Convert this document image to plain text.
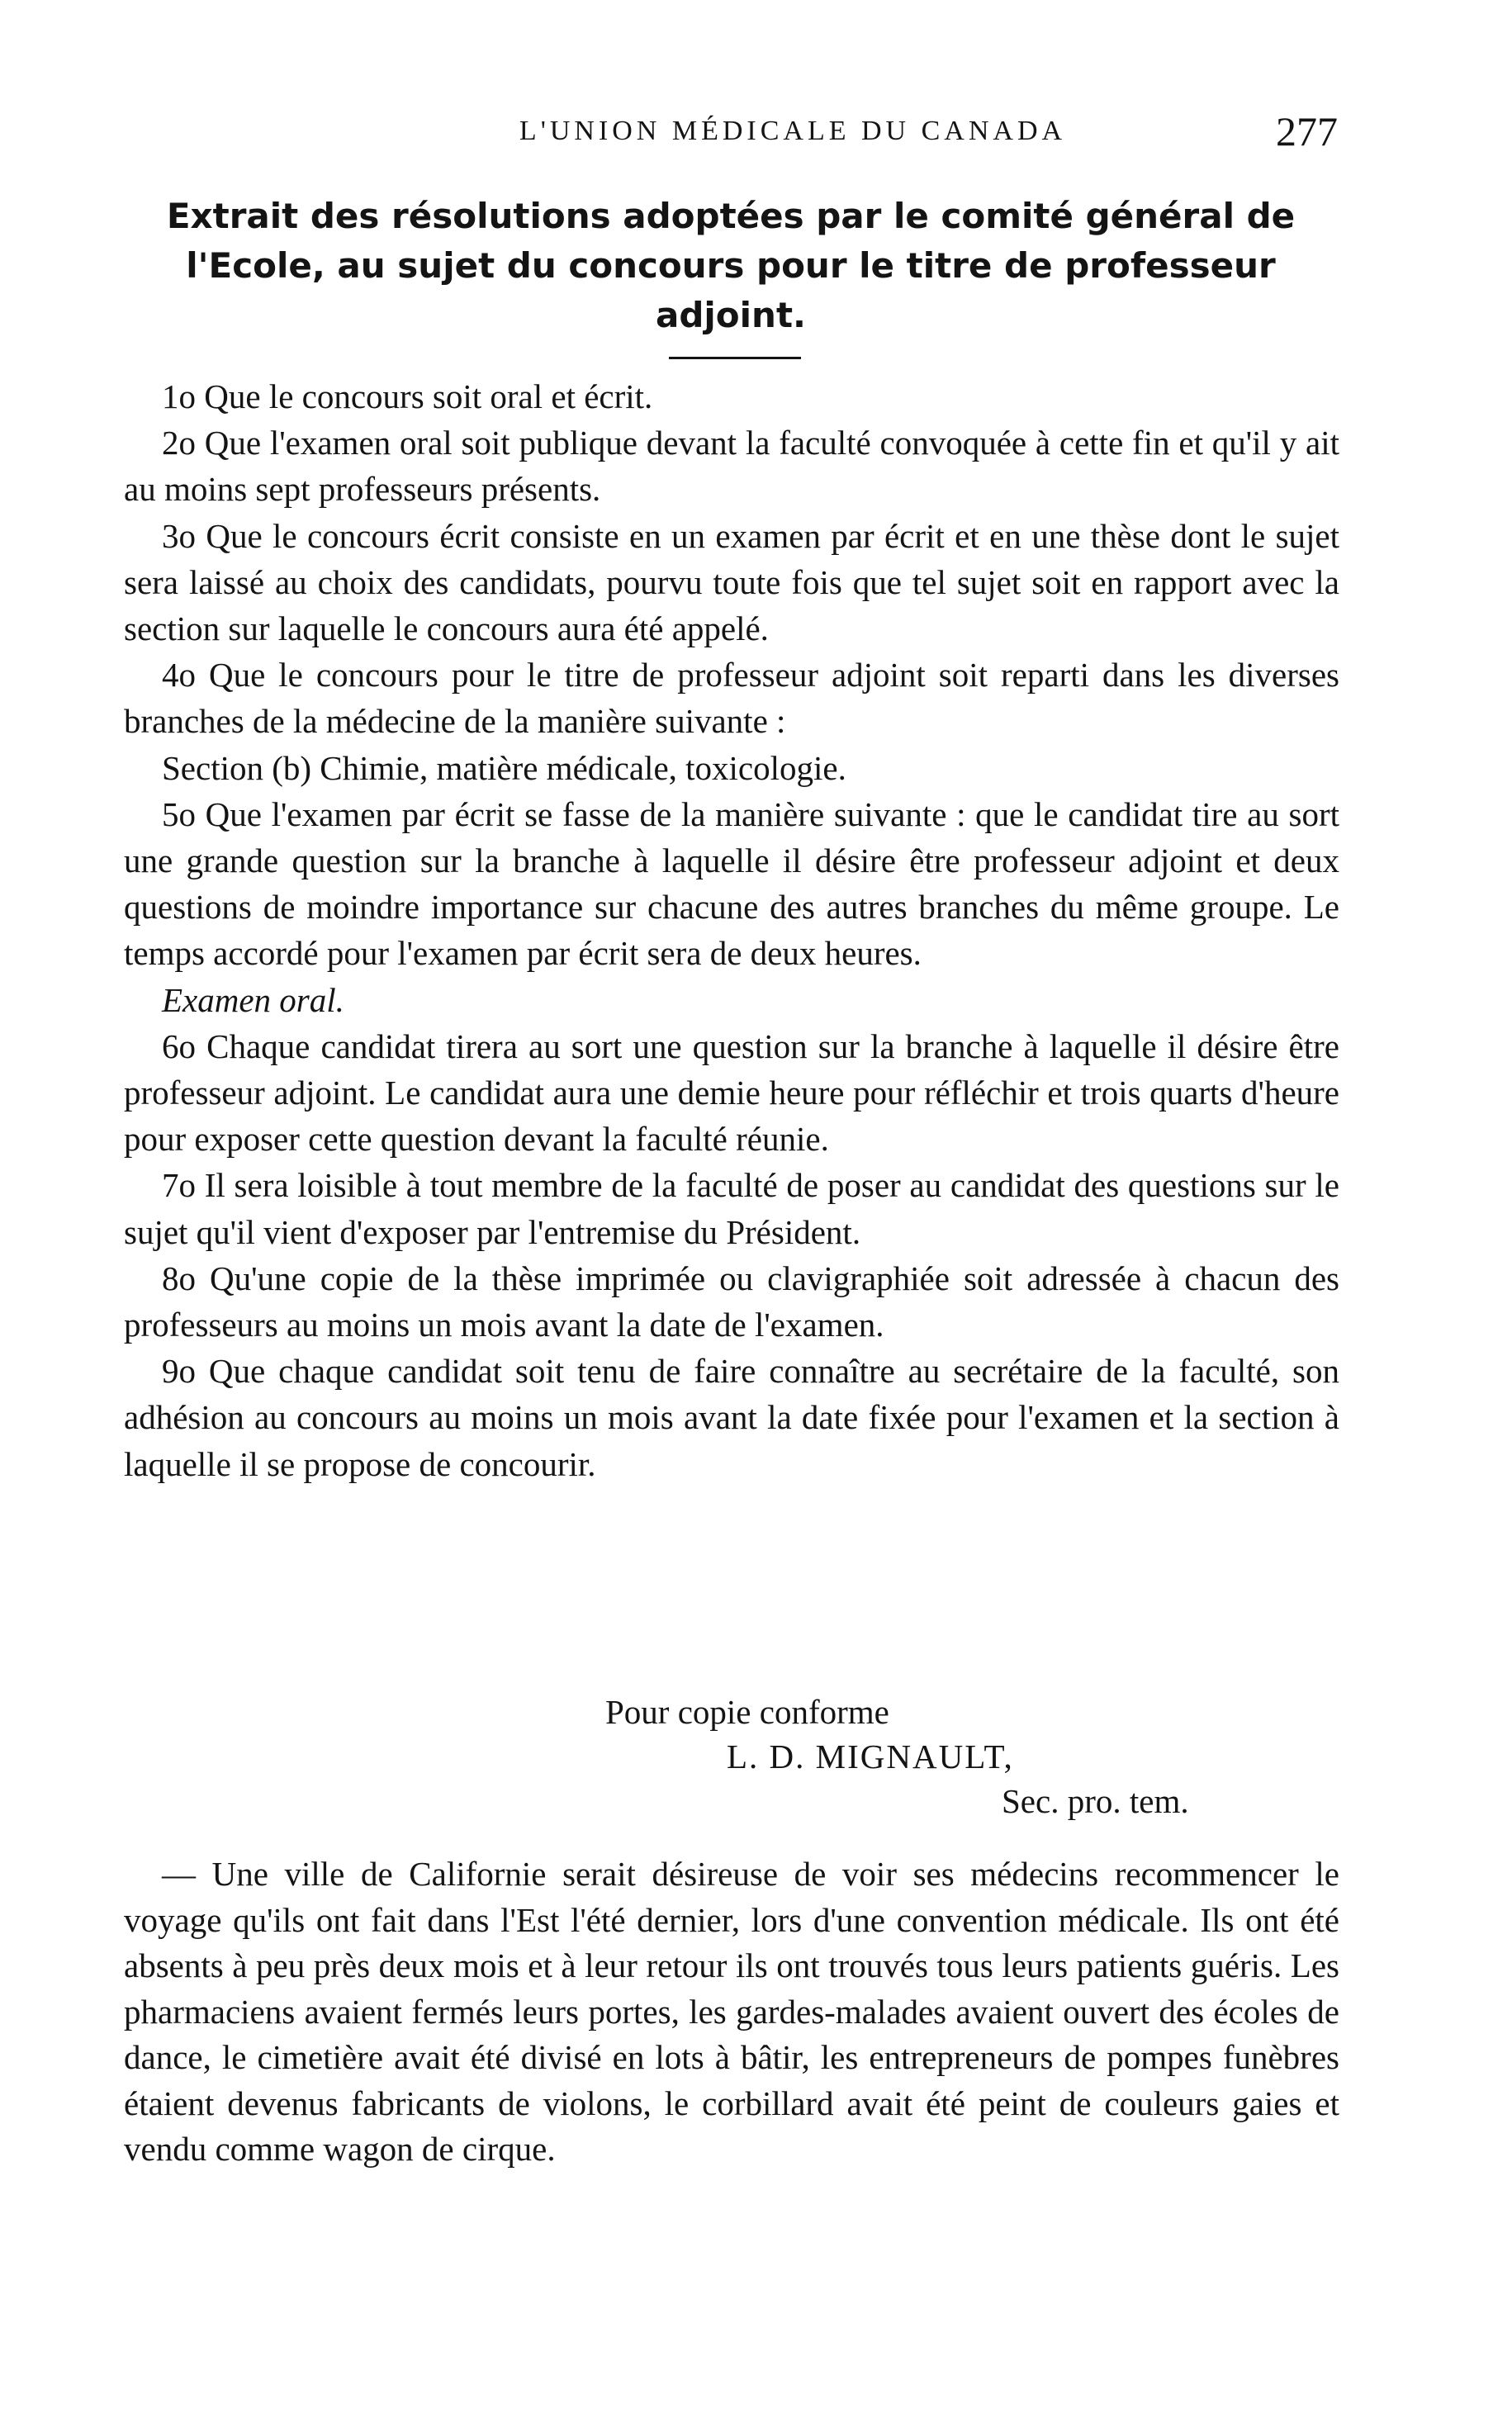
L'UNION MÉDICALE DU CANADA	277
Extrait des résolutions adoptées par le comité général de l'Ecole, au sujet du concours pour le titre de professeur adjoint.

1o Que le concours soit oral et écrit.

2o Que l'examen oral soit publique devant la faculté convoquée à cette fin et qu'il y ait au moins sept professeurs présents.

3o Que le concours écrit consiste en un examen par écrit et en une thèse dont le sujet sera laissé au choix des candidats, pourvu toute fois que tel sujet soit en rapport avec la section sur laquelle le concours aura été appelé.

4o Que le concours pour le titre de professeur adjoint soit reparti dans les diverses branches de la médecine de la manière suivante :

Section (b) Chimie, matière médicale, toxicologie.

5o Que l'examen par écrit se fasse de la manière suivante : que le candidat tire au sort une grande question sur la branche à laquelle il désire être professeur adjoint et deux questions de moindre importance sur chacune des autres branches du même groupe. Le temps accordé pour l'examen par écrit sera de deux heures.

Examen oral.

6o Chaque candidat tirera au sort une question sur la branche à laquelle il désire être professeur adjoint. Le candidat aura une demie heure pour réfléchir et trois quarts d'heure pour exposer cette question devant la faculté réunie.

7o Il sera loisible à tout membre de la faculté de poser au candidat des questions sur le sujet qu'il vient d'exposer par l'entremise du Président.

8o Qu'une copie de la thèse imprimée ou clavigraphiée soit adressée à chacun des professeurs au moins un mois avant la date de l'examen.

9o Que chaque candidat soit tenu de faire connaître au secrétaire de la faculté, son adhésion au concours au moins un mois avant la date fixée pour l'examen et la section à laquelle il se propose de concourir.

Pour copie conforme
L. D. MIGNAULT,
Sec. pro. tem.

— Une ville de Californie serait désireuse de voir ses médecins recommencer le voyage qu'ils ont fait dans l'Est l'été dernier, lors d'une convention médicale. Ils ont été absents à peu près deux mois et à leur retour ils ont trouvés tous leurs patients guéris. Les pharmaciens avaient fermés leurs portes, les gardes-malades avaient ouvert des écoles de dance, le cimetière avait été divisé en lots à bâtir, les entrepreneurs de pompes funèbres étaient devenus fabricants de violons, le corbillard avait été peint de couleurs gaies et vendu comme wagon de cirque.
